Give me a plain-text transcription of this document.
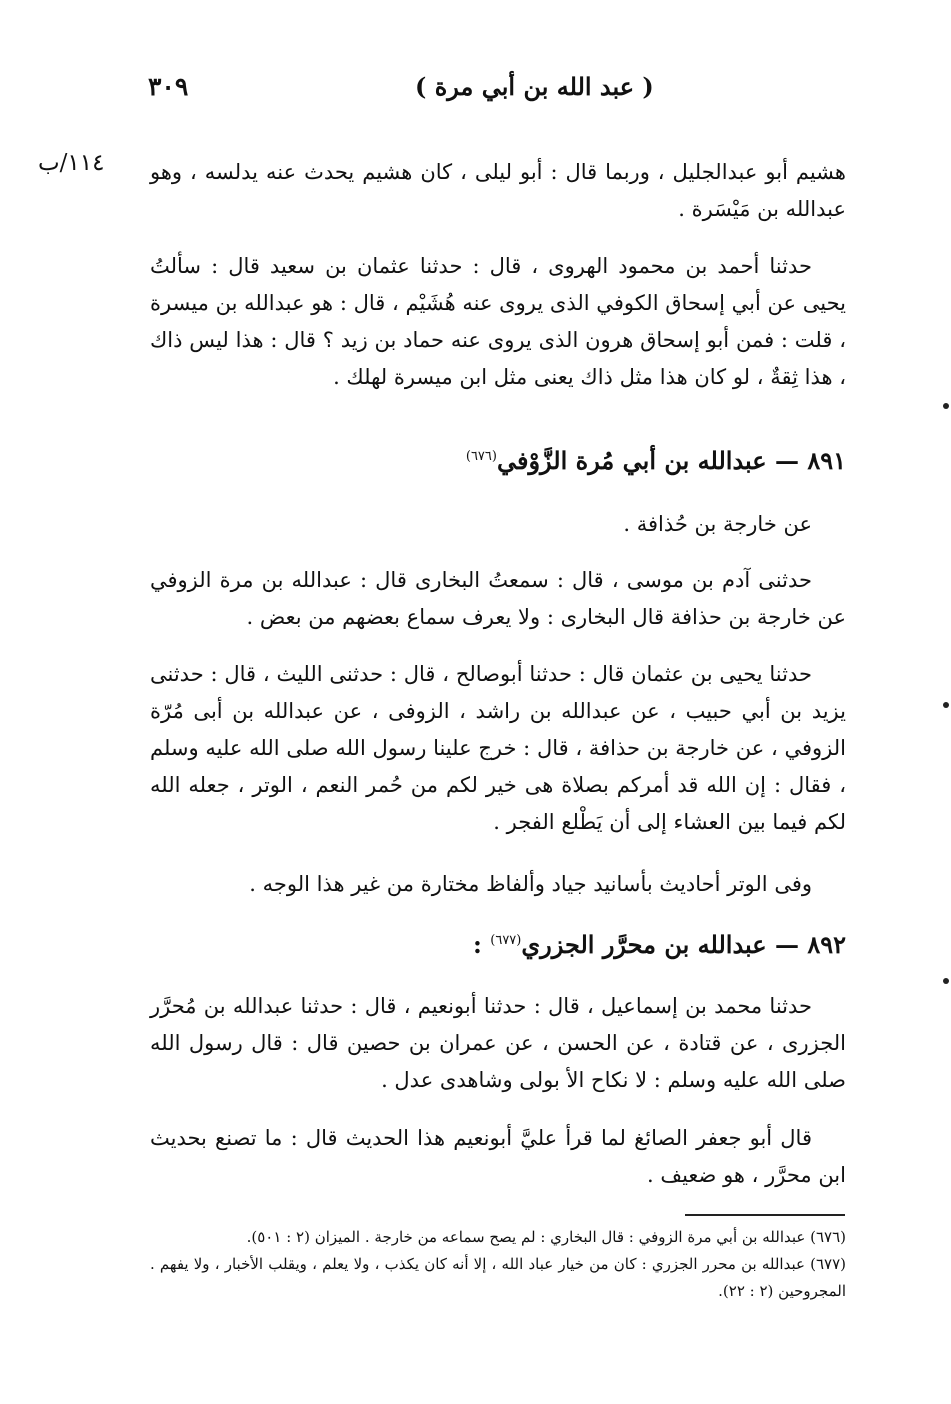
٣٠٩	( عبد الله بن أبي مرة )
١١٤/ب هشيم أبو عبدالجليل ، وربما قال : أبو ليلى ، كان هشيم يحدث عنه يدلسه ، وهو عبدالله بن مَيْسَرة .

حدثنا أحمد بن محمود الهروى ، قال : حدثنا عثمان بن سعيد قال : سألتُ يحيى عن أبي إسحاق الكوفي الذى يروى عنه هُشَيْم ، قال : هو عبدالله بن ميسرة ، قلت : فمن أبو إسحاق هرون الذى يروى عنه حماد بن زيد ؟ قال : هذا ليس ذاك ، هذا ثِقةٌ ، لو كان هذا مثل ذاك يعنى مثل ابن ميسرة لهلك .

٨٩١ — عبدالله بن أبي مُرة الزَّوْفي$^{(٦٧٦)}$

عن خارجة بن حُذافة .

حدثنى آدم بن موسى ، قال : سمعتُ البخارى قال : عبدالله بن مرة الزوفي عن خارجة بن حذافة قال البخارى : ولا يعرف سماع بعضهم من بعض .

حدثنا يحيى بن عثمان قال : حدثنا أبوصالح ، قال : حدثنى الليث ، قال : حدثنى يزيد بن أبي حبيب ، عن عبدالله بن راشد ، الزوفى ، عن عبدالله بن أبى مُرّة الزوفي ، عن خارجة بن حذافة ، قال : خرج علينا رسول الله صلى الله عليه وسلم ، فقال : إن الله قد أمركم بصلاة هى خير لكم من حُمر النعم ، الوتر ، جعله الله لكم فيما بين العشاء إلى أن يَطْلع الفجر .

وفى الوتر أحاديث بأسانيد جياد وألفاظ مختارة من غير هذا الوجه .

٨٩٢ — عبدالله بن محرَّر الجزري$^{(٦٧٧)}$ :

حدثنا محمد بن إسماعيل ، قال : حدثنا أبونعيم ، قال : حدثنا عبدالله بن مُحرَّر الجزرى ، عن قتادة ، عن الحسن ، عن عمران بن حصين قال : قال رسول الله صلى الله عليه وسلم : لا نكاح الأ بولى وشاهدى عدل .

قال أبو جعفر الصائغ لما قرأ عليَّ أبونعيم هذا الحديث قال : ما تصنع بحديث ابن محرَّر ، هو ضعيف .

(٦٧٦) عبدالله بن أبي مرة الزوفي : قال البخاري : لم يصح سماعه من خارجة . الميزان (٢ : ٥٠١).

(٦٧٧) عبدالله بن محرر الجزري : كان من خيار عباد الله ، إلا أنه كان يكذب ، ولا يعلم ، ويقلب الأخبار ، ولا يفهم . المجروحين (٢ : ٢٢).
